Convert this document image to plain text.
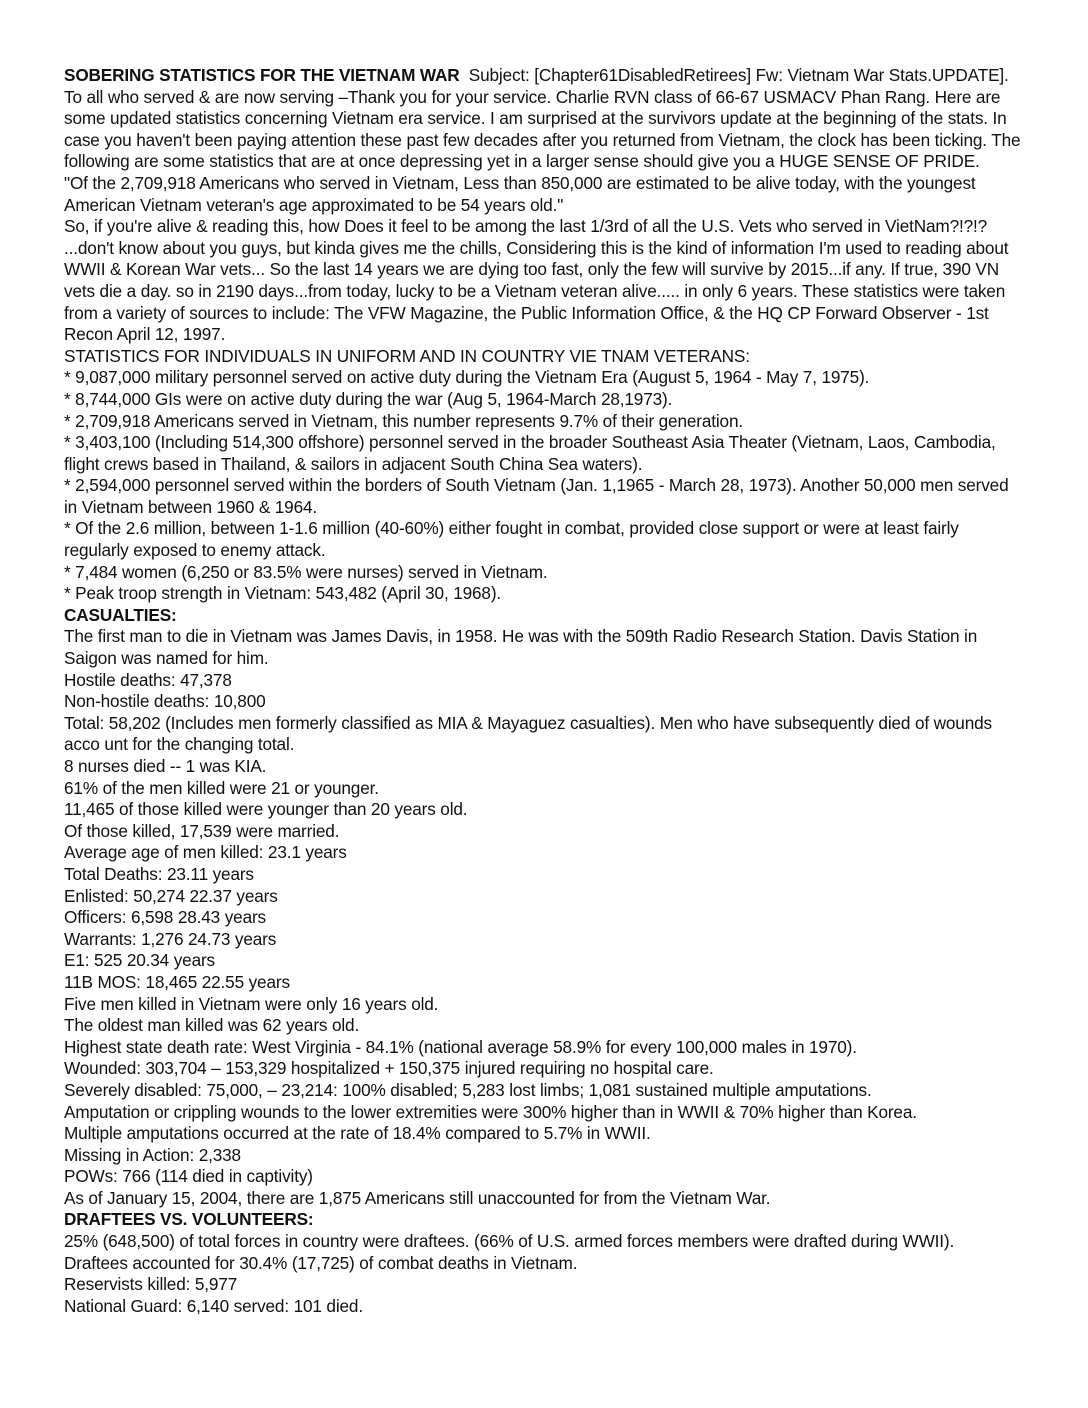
SOBERING STATISTICS FOR THE VIETNAM WAR Subject: [Chapter61DisabledRetirees] Fw: Vietnam War Stats.UPDATE]. To all who served & are now serving –Thank you for your service. Charlie RVN class of 66-67 USMACV Phan Rang. Here are some updated statistics concerning Vietnam era service. I am surprised at the survivors update at the beginning of the stats. In case you haven't been paying attention these past few decades after you returned from Vietnam, the clock has been ticking. The following are some statistics that are at once depressing yet in a larger sense should give you a HUGE SENSE OF PRIDE.

"Of the 2,709,918 Americans who served in Vietnam, Less than 850,000 are estimated to be alive today, with the youngest American Vietnam veteran's age approximated to be 54 years old."

So, if you're alive & reading this, how Does it feel to be among the last 1/3rd of all the U.S. Vets who served in VietNam?!?!? ...don't know about you guys, but kinda gives me the chills, Considering this is the kind of information I'm used to reading about WWII & Korean War vets... So the last 14 years we are dying too fast, only the few will survive by 2015...if any. If true, 390 VN vets die a day. so in 2190 days...from today, lucky to be a Vietnam veteran alive..... in only 6 years. These statistics were taken from a variety of sources to include: The VFW Magazine, the Public Information Office, & the HQ CP Forward Observer - 1st Recon April 12, 1997.

STATISTICS FOR INDIVIDUALS IN UNIFORM AND IN COUNTRY VIE TNAM VETERANS:

* 9,087,000 military personnel served on active duty during the Vietnam Era (August 5, 1964 - May 7, 1975).

* 8,744,000 GIs were on active duty during the war (Aug 5, 1964-March 28,1973).

* 2,709,918 Americans served in Vietnam, this number represents 9.7% of their generation.

* 3,403,100 (Including 514,300 offshore) personnel served in the broader Southeast Asia Theater (Vietnam, Laos, Cambodia, flight crews based in Thailand, & sailors in adjacent South China Sea waters).

* 2,594,000 personnel served within the borders of South Vietnam (Jan. 1,1965 - March 28, 1973). Another 50,000 men served in Vietnam between 1960 & 1964.

* Of the 2.6 million, between 1-1.6 million (40-60%) either fought in combat, provided close support or were at least fairly regularly exposed to enemy attack.

* 7,484 women (6,250 or 83.5% were nurses) served in Vietnam.

* Peak troop strength in Vietnam: 543,482 (April 30, 1968).

CASUALTIES:

The first man to die in Vietnam was James Davis, in 1958. He was with the 509th Radio Research Station. Davis Station in Saigon was named for him.

Hostile deaths: 47,378

Non-hostile deaths: 10,800

Total: 58,202 (Includes men formerly classified as MIA & Mayaguez casualties). Men who have subsequently died of wounds acco unt for the changing total.

8 nurses died -- 1 was KIA.

61% of the men killed were 21 or younger.

11,465 of those killed were younger than 20 years old.

Of those killed, 17,539 were married.

Average age of men killed: 23.1 years

Total Deaths: 23.11 years

Enlisted: 50,274 22.37 years

Officers: 6,598 28.43 years

Warrants: 1,276 24.73 years

E1: 525 20.34 years

11B MOS: 18,465 22.55 years

Five men killed in Vietnam were only 16 years old.

The oldest man killed was 62 years old.

Highest state death rate: West Virginia - 84.1% (national average 58.9% for every 100,000 males in 1970).

Wounded: 303,704 – 153,329 hospitalized + 150,375 injured requiring no hospital care.

Severely disabled: 75,000, – 23,214: 100% disabled; 5,283 lost limbs; 1,081 sustained multiple amputations.

Amputation or crippling wounds to the lower extremities were 300% higher than in WWII & 70% higher than Korea.

Multiple amputations occurred at the rate of 18.4% compared to 5.7% in WWII.

Missing in Action: 2,338

POWs: 766 (114 died in captivity)

As of January 15, 2004, there are 1,875 Americans still unaccounted for from the Vietnam War.

DRAFTEES VS. VOLUNTEERS:

25% (648,500) of total forces in country were draftees. (66% of U.S. armed forces members were drafted during WWII).

Draftees accounted for 30.4% (17,725) of combat deaths in Vietnam.

Reservists killed: 5,977

National Guard: 6,140 served: 101 died.
